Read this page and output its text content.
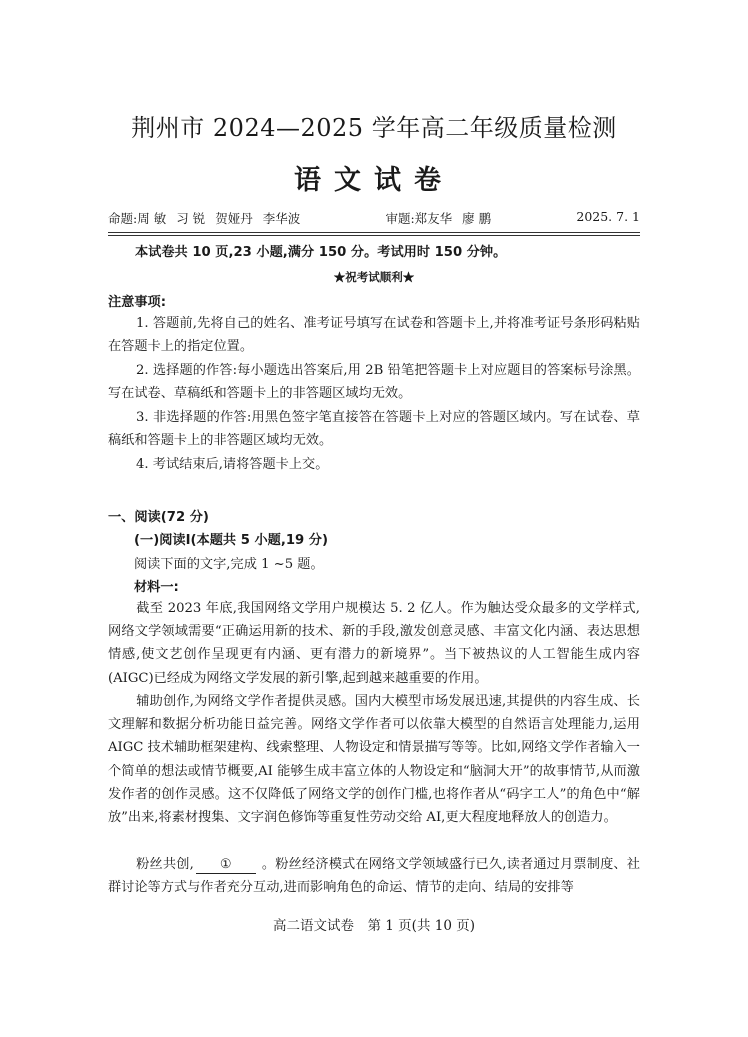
荆州市 2024—2025 学年高二年级质量检测
语文试卷
命题:周 敏 习 锐 贺娅丹 李华波	审题:郑友华 廖 鹏	2025. 7. 1
本试卷共 10 页,23 小题,满分 150 分。考试用时 150 分钟。
★祝考试顺利★
注意事项:
1. 答题前,先将自己的姓名、准考证号填写在试卷和答题卡上,并将准考证号条形码粘贴在答题卡上的指定位置。
2. 选择题的作答:每小题选出答案后,用 2B 铅笔把答题卡上对应题目的答案标号涂黑。写在试卷、草稿纸和答题卡上的非答题区域均无效。
3. 非选择题的作答:用黑色签字笔直接答在答题卡上对应的答题区域内。写在试卷、草稿纸和答题卡上的非答题区域均无效。
4. 考试结束后,请将答题卡上交。
一、阅读(72 分)
(一)阅读Ⅰ(本题共 5 小题,19 分)
阅读下面的文字,完成 1 ~5 题。
材料一:
截至 2023 年底,我国网络文学用户规模达 5. 2 亿人。作为触达受众最多的文学样式,网络文学领域需要“正确运用新的技术、新的手段,激发创意灵感、丰富文化内涵、表达思想情感,使文艺创作呈现更有内涵、更有潜力的新境界”。当下被热议的人工智能生成内容(AIGC)已经成为网络文学发展的新引擎,起到越来越重要的作用。
辅助创作,为网络文学作者提供灵感。国内大模型市场发展迅速,其提供的内容生成、长文理解和数据分析功能日益完善。网络文学作者可以依靠大模型的自然语言处理能力,运用 AIGC 技术辅助框架建构、线索整理、人物设定和情景描写等等。比如,网络文学作者输入一个简单的想法或情节概要,AI 能够生成丰富立体的人物设定和“脑洞大开”的故事情节,从而激发作者的创作灵感。这不仅降低了网络文学的创作门槛,也将作者从“码字工人”的角色中“解放”出来,将素材搜集、文字润色修饰等重复性劳动交给 AI,更大程度地释放人的创造力。
粉丝共创, ① 。粉丝经济模式在网络文学领域盛行已久,读者通过月票制度、社群讨论等方式与作者充分互动,进而影响角色的命运、情节的走向、结局的安排等
高二语文试卷　第 1 页(共 10 页)
